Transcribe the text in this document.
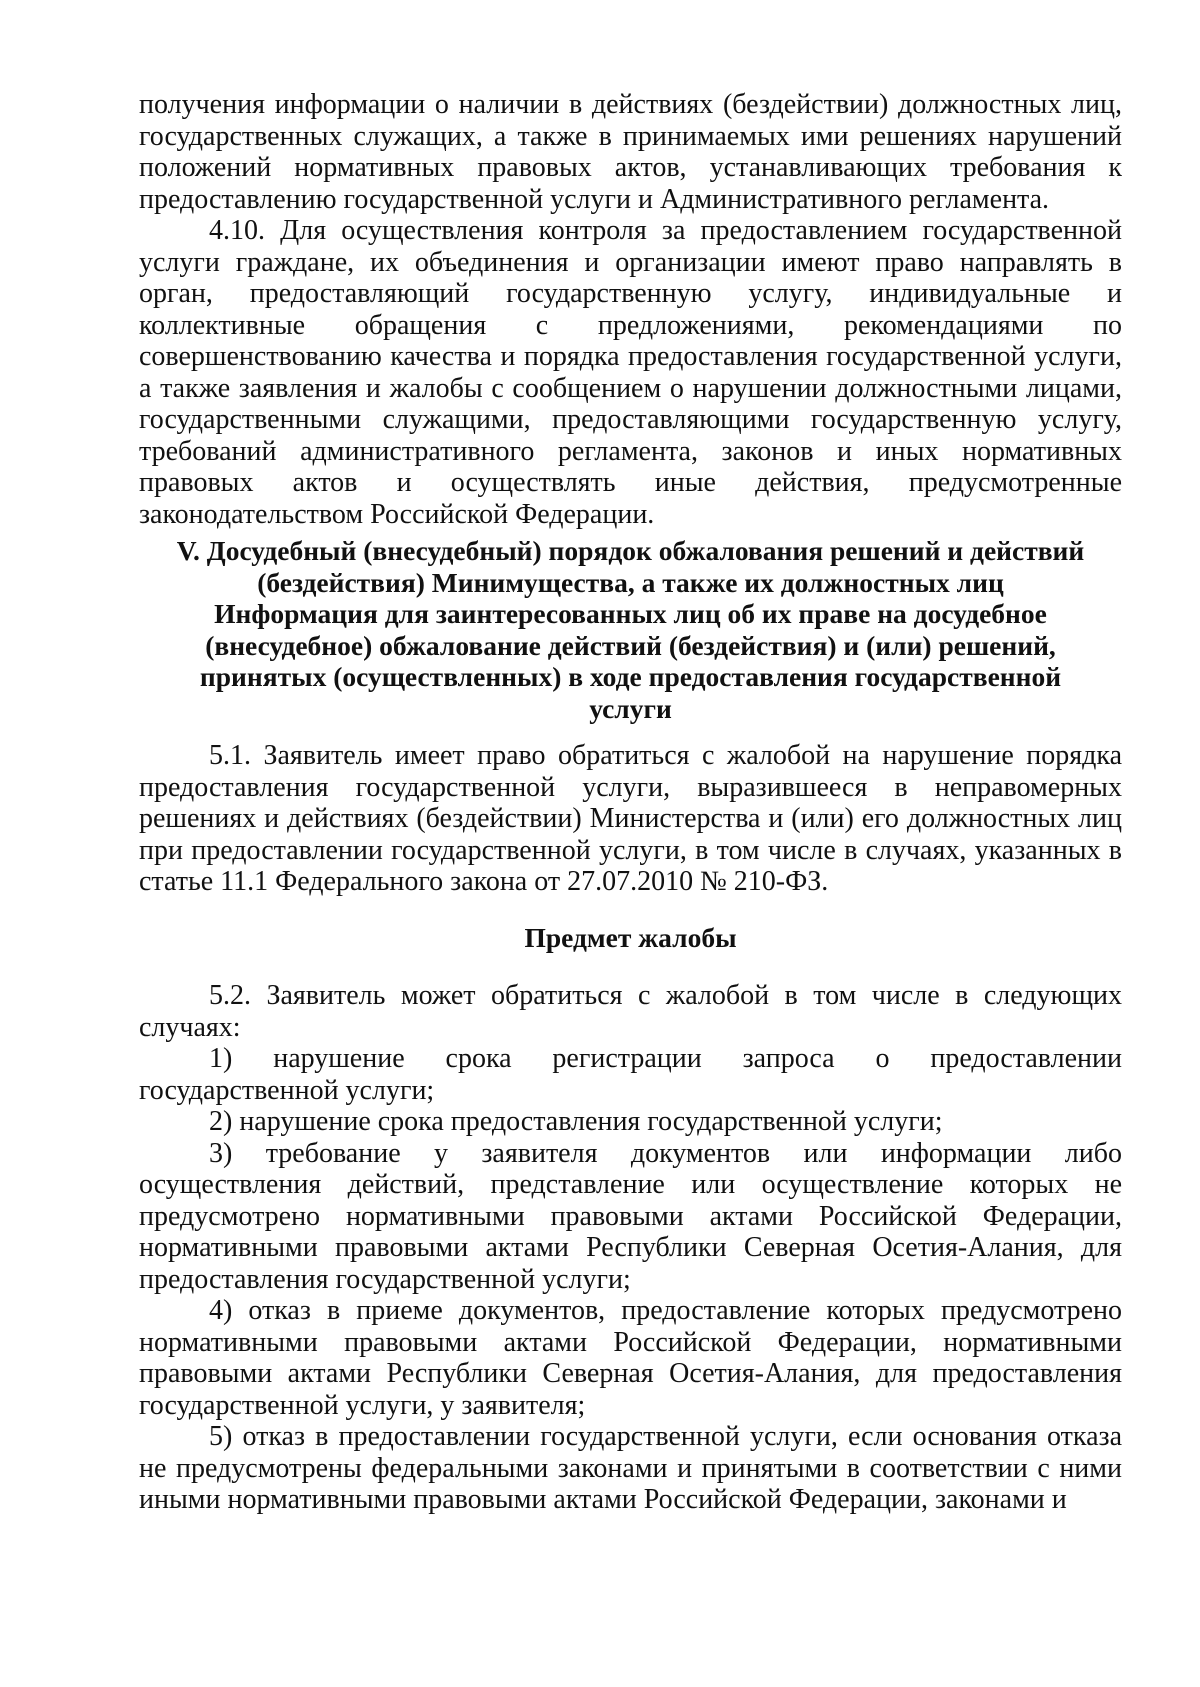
получения информации о наличии в действиях (бездействии) должностных лиц, государственных служащих, а также в принимаемых ими решениях нарушений положений нормативных правовых актов, устанавливающих требования к предоставлению государственной услуги и Административного регламента.

4.10. Для осуществления контроля за предоставлением государственной услуги граждане, их объединения и организации имеют право направлять в орган, предоставляющий государственную услугу, индивидуальные и коллективные обращения с предложениями, рекомендациями по совершенствованию качества и порядка предоставления государственной услуги, а также заявления и жалобы с сообщением о нарушении должностными лицами, государственными служащими, предоставляющими государственную услугу, требований административного регламента, законов и иных нормативных правовых актов и осуществлять иные действия, предусмотренные законодательством Российской Федерации.

V. Досудебный (внесудебный) порядок обжалования решений и действий
(бездействия) Минимущества, а также их должностных лиц
Информация для заинтересованных лиц об их праве на досудебное
(внесудебное) обжалование действий (бездействия) и (или) решений,
принятых (осуществленных) в ходе предоставления государственной
услуги

5.1. Заявитель имеет право обратиться с жалобой на нарушение порядка предоставления государственной услуги, выразившееся в неправомерных решениях и действиях (бездействии) Министерства и (или) его должностных лиц при предоставлении государственной услуги, в том числе в случаях, указанных в статье 11.1 Федерального закона от 27.07.2010 № 210-ФЗ.

Предмет жалобы

5.2. Заявитель может обратиться с жалобой в том числе в следующих случаях:

1) нарушение срока регистрации запроса о предоставлении государственной услуги;

2) нарушение срока предоставления государственной услуги;

3) требование у заявителя документов или информации либо осуществления действий, представление или осуществление которых не предусмотрено нормативными правовыми актами Российской Федерации, нормативными правовыми актами Республики Северная Осетия-Алания, для предоставления государственной услуги;

4) отказ в приеме документов, предоставление которых предусмотрено нормативными правовыми актами Российской Федерации, нормативными правовыми актами Республики Северная Осетия-Алания, для предоставления государственной услуги, у заявителя;

5) отказ в предоставлении государственной услуги, если основания отказа не предусмотрены федеральными законами и принятыми в соответствии с ними иными нормативными правовыми актами Российской Федерации, законами и
